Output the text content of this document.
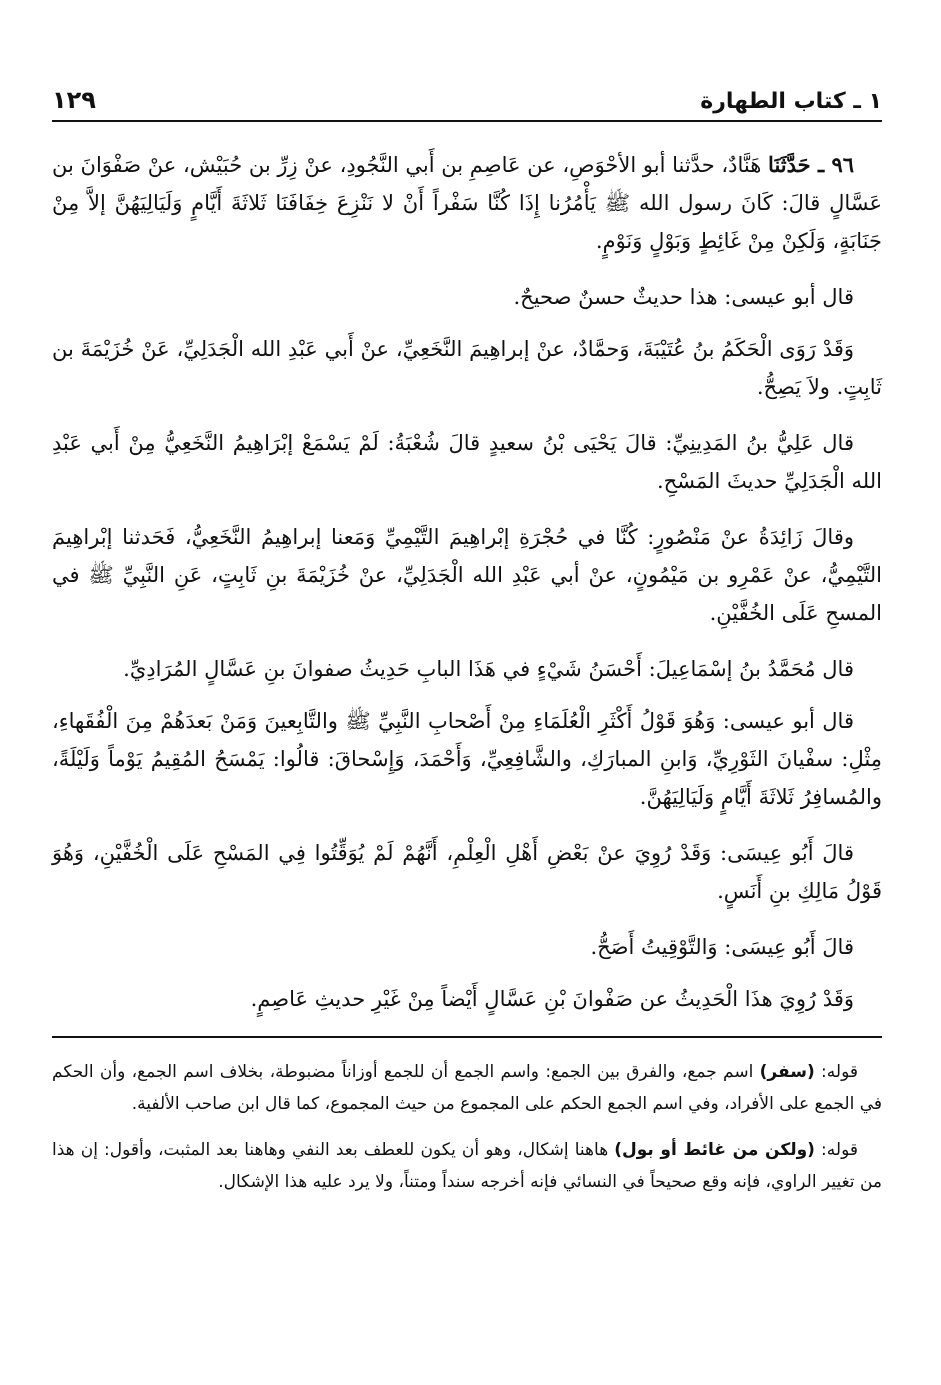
١ ـ كتاب الطهارة
١٢٩

٩٦ ـ حَدَّثَنَا هَنَّادٌ، حدَّثنا أبو الأحْوَصِ، عن عَاصِمِ بن أَبي النَّجُودِ، عنْ زِرِّ بن حُبَيْش، عنْ صَفْوَانَ بن عَسَّالٍ قالَ: كَانَ رسول الله ﷺ يَأْمُرُنا إِذَا كُنَّا سَفْراً أَنْ لا نَنْزِعَ خِفَافَنَا ثَلاثَةَ أَيَّامٍ وَلَيَالِيَهُنَّ إلاَّ مِنْ جَنَابَةٍ، وَلَكِنْ مِنْ غَائِطٍ وَبَوْلٍ وَنَوْمٍ.

قال أبو عيسى: هذا حديثٌ حسنٌ صحيحٌ.

وَقَدْ رَوَى الْحَكَمُ بنُ عُتَيْبَةَ، وَحمَّادٌ، عنْ إبراهِيمَ النَّخَعِيِّ، عنْ أَبي عَبْدِ الله الْجَدَلِيِّ، عَنْ خُزَيْمَةَ بن ثَابِتٍ. ولاَ يَصِحُّ.

قال عَلِيُّ بنُ المَدِينِيِّ: قالَ يَحْيَى بْنُ سعيدٍ قالَ شُعْبَةُ: لَمْ يَسْمَعْ إبْرَاهِيمُ النَّخَعِيُّ مِنْ أَبي عَبْدِ الله الْجَدَلِيِّ حديثَ المَسْحِ.

وقالَ زَائِدَةُ عنْ مَنْصُورٍ: كُنَّا في حُجْرَةِ إبْراهِيمَ التَّيْمِيِّ وَمَعنا إبراهِيمُ النَّخَعِيُّ، فَحَدثنا إبْراهِيمَ التَّيْمِيُّ، عنْ عَمْرِو بن مَيْمُونٍ، عنْ أبي عَبْدِ الله الْجَدَلِيِّ، عنْ خُزَيْمَةَ بنِ ثَابِتٍ، عَنِ النَّبِيِّ ﷺ في المسحِ عَلَى الخُفَّيْنِ.

قال مُحَمَّدُ بنُ إسْمَاعِيلَ: أَحْسَنُ شَيْءٍ في هَذَا البابِ حَدِيثُ صفوانَ بنِ عَسَّالٍ المُرَادِيِّ.

قال أبو عيسى: وَهُوَ قَوْلُ أَكْثَرِ الْعُلَمَاءِ مِنْ أَصْحابِ النَّبِيِّ ﷺ والتَّابِعينَ وَمَنْ بَعدَهُمْ مِنَ الْفُقَهاءِ، مِثْلِ: سفْيانَ الثَوْرِيِّ، وَابنِ المبارَكِ، والشَّافِعِيِّ، وَأَحْمَدَ، وَإِسْحاقَ: قالُوا: يَمْسَحُ المُقِيمُ يَوْماً وَلَيْلَةً، والمُسافِرُ ثَلاثَةَ أَيَّامٍ وَلَيَالِيَهُنَّ.

قالَ أَبُو عِيسَى: وَقَدْ رُوِيَ عنْ بَعْضِ أَهْلِ الْعِلْمِ، أَنَّهُمْ لَمْ يُوَقِّتُوا فِي المَسْحِ عَلَى الْخُفَّيْنِ، وَهُوَ قَوْلُ مَالِكِ بنِ أَنَسٍ.

قالَ أَبُو عِيسَى: وَالتَّوْقِيتُ أَصَحُّ.

وَقَدْ رُوِيَ هذَا الْحَدِيثُ عن صَفْوانَ بْنِ عَسَّالٍ أَيْضاً مِنْ غَيْرِ حديثِ عَاصِمٍ.

قوله: (سفر) اسم جمع، والفرق بين الجمع: واسم الجمع أن للجمع أوزاناً مضبوطة، بخلاف اسم الجمع، وأن الحكم في الجمع على الأفراد، وفي اسم الجمع الحكم على المجموع من حيث المجموع، كما قال ابن صاحب الألفية.

قوله: (ولكن من غائط أو بول) هاهنا إشكال، وهو أن يكون للعطف بعد النفي وهاهنا بعد المثبت، وأقول: إن هذا من تغيير الراوي، فإنه وقع صحيحاً في النسائي فإنه أخرجه سنداً ومتناً، ولا يرد عليه هذا الإشكال.
